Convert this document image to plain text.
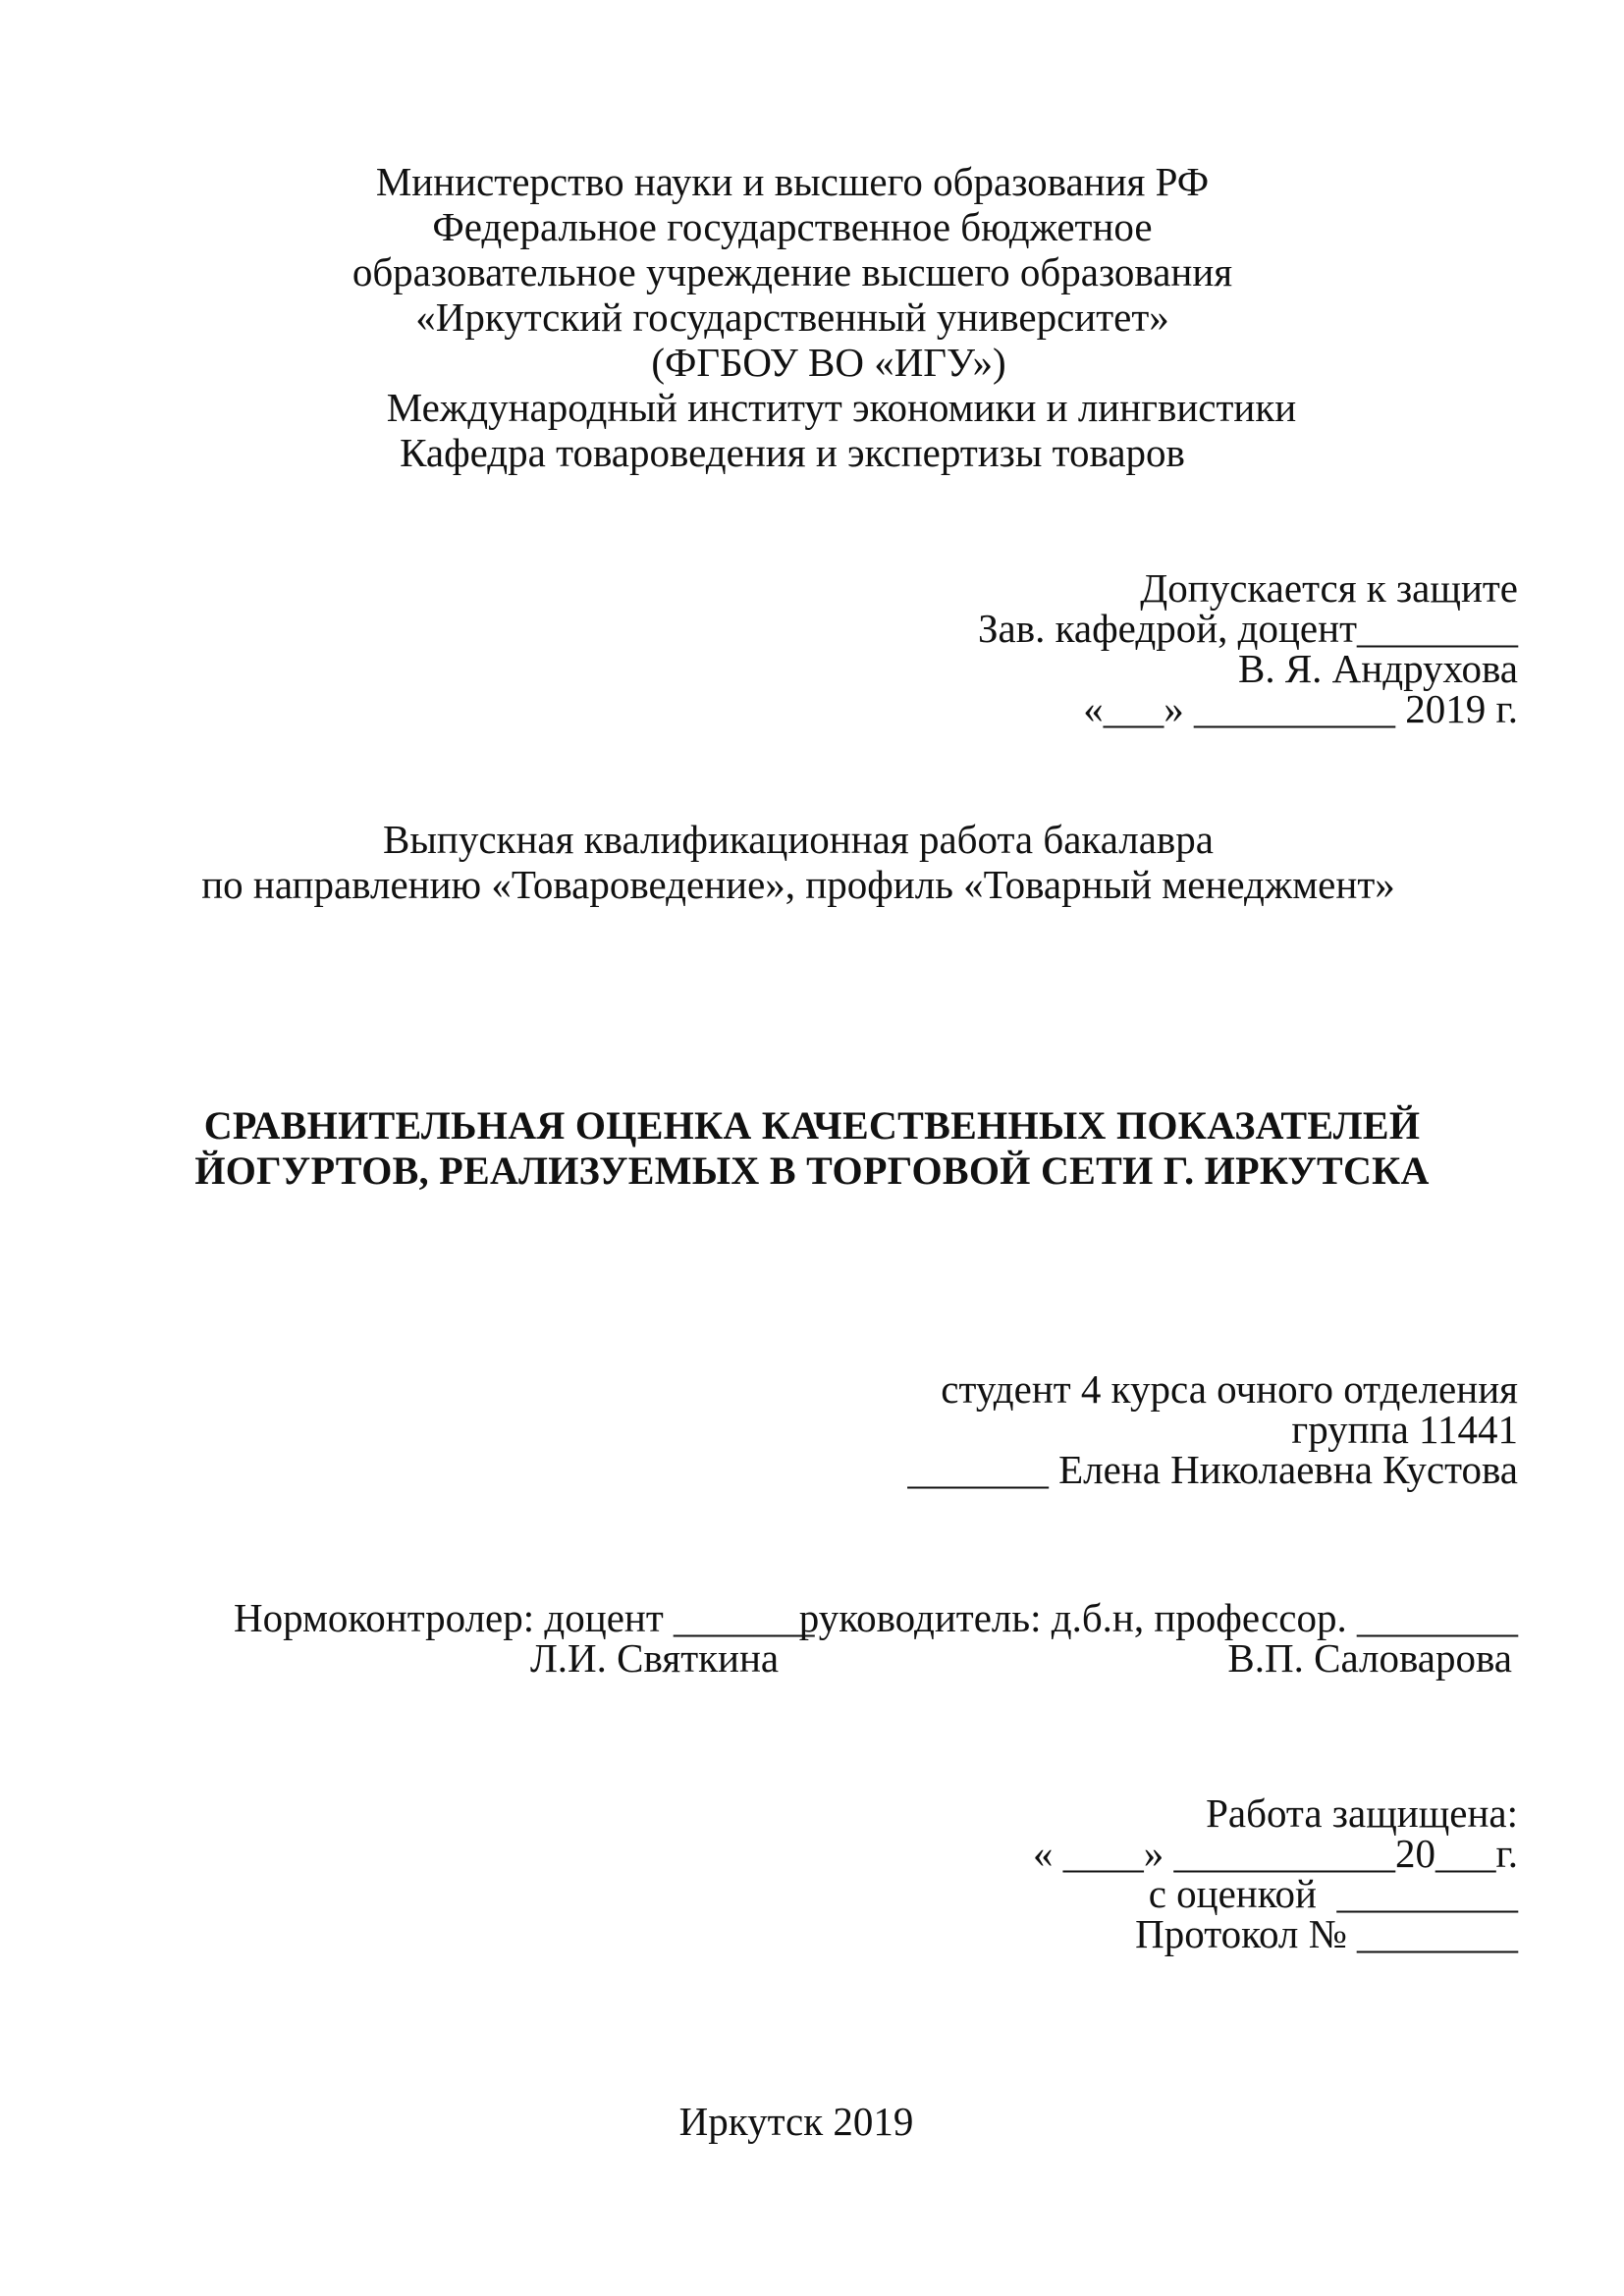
Министерство науки и высшего образования РФ
Федеральное государственное бюджетное
образовательное учреждение высшего образования
«Иркутский государственный университет»
(ФГБОУ ВО «ИГУ»)
Международный институт экономики и лингвистики
Кафедра товароведения и экспертизы товаров
Допускается к защите
Зав. кафедрой, доцент________
В. Я. Андрухова
«___» __________ 2019 г.
Выпускная квалификационная работа бакалавра
по направлению «Товароведение», профиль «Товарный менеджмент»
СРАВНИТЕЛЬНАЯ ОЦЕНКА КАЧЕСТВЕННЫХ ПОКАЗАТЕЛЕЙ
ЙОГУРТОВ, РЕАЛИЗУЕМЫХ В ТОРГОВОЙ СЕТИ Г. ИРКУТСКА
студент 4 курса очного отделения
группа 11441
_______ Елена Николаевна Кустова
Нормоконтролер: доцент _______
Л.И. Святкина
руководитель: д.б.н, профессор. ________
В.П. Саловарова
Работа защищена:
« ____» ___________20___г.
с оценкой  _________
Протокол № ________
Иркутск 2019
